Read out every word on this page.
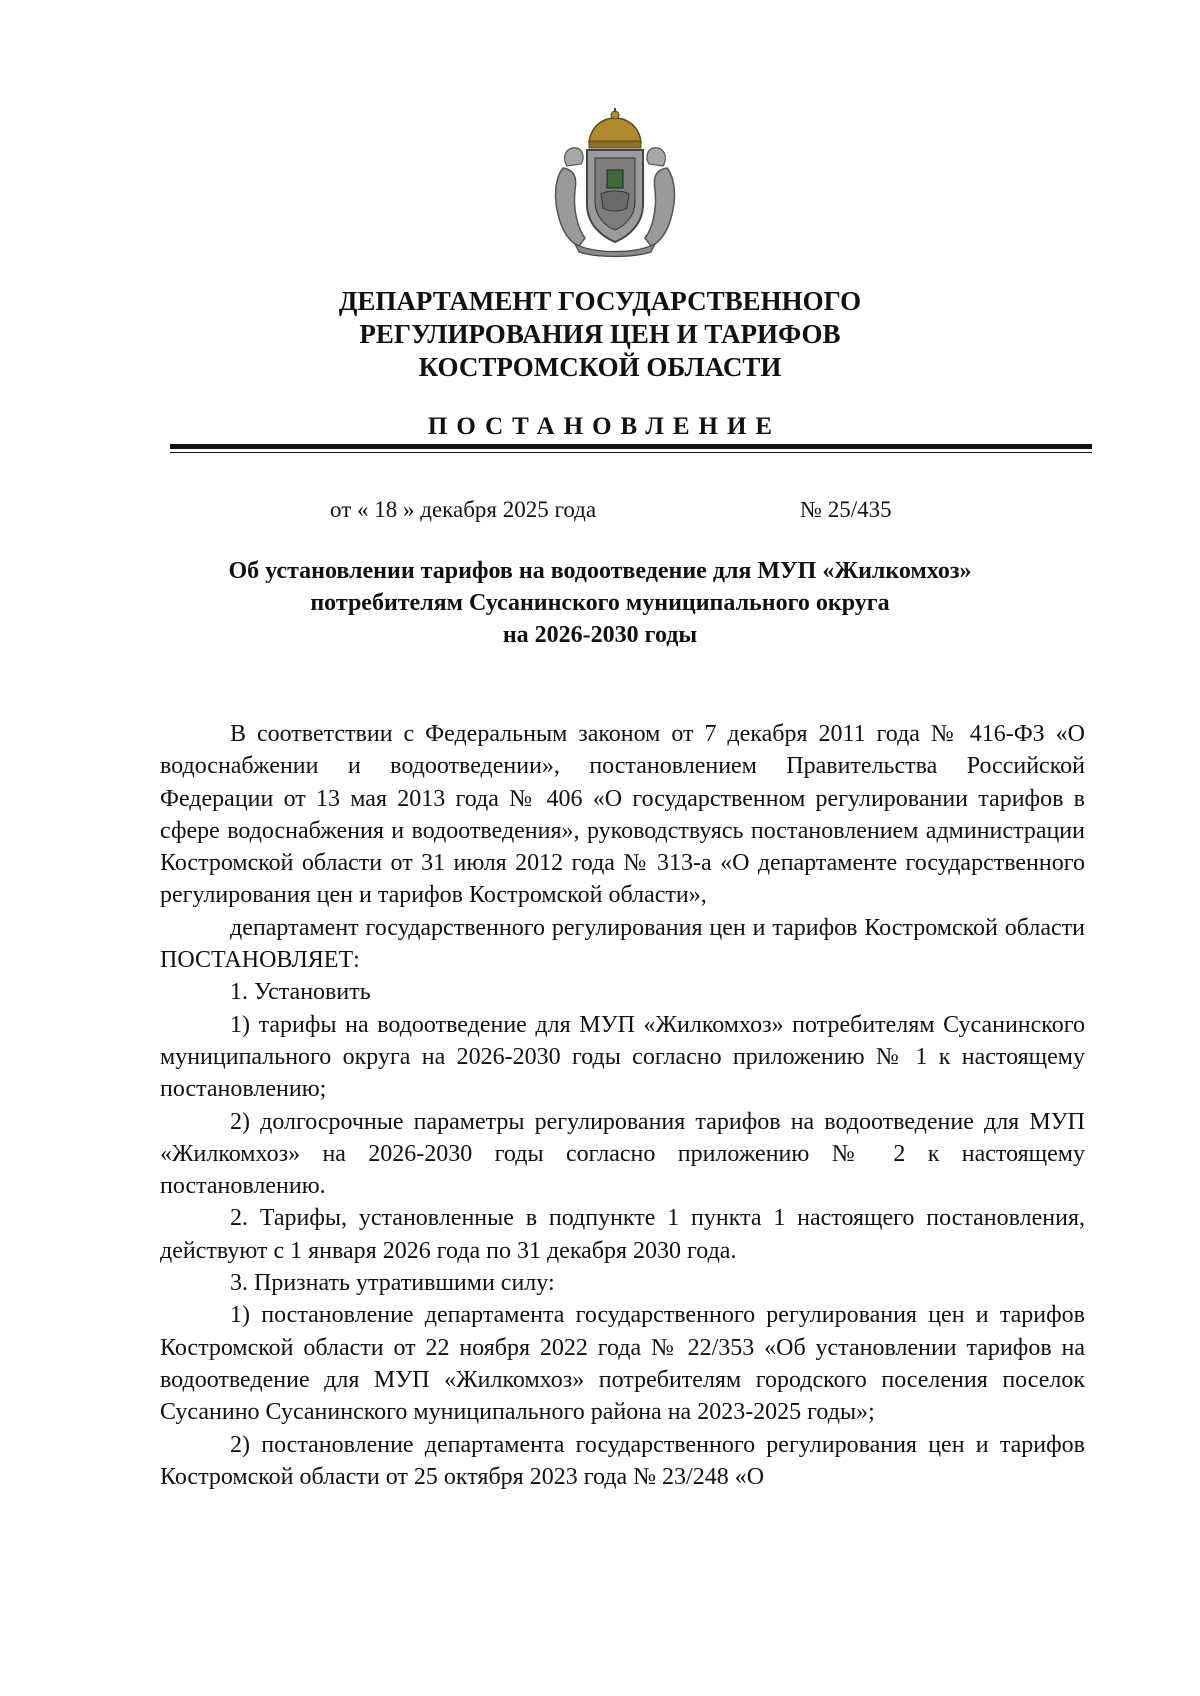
ДЕПАРТАМЕНТ ГОСУДАРСТВЕННОГО
РЕГУЛИРОВАНИЯ ЦЕН И ТАРИФОВ
КОСТРОМСКОЙ ОБЛАСТИ
ПОСТАНОВЛЕНИЕ
от « 18 » декабря 2025 года	№ 25/435
Об установлении тарифов на водоотведение для МУП «Жилкомхоз»
потребителям Сусанинского муниципального округа
на 2026-2030 годы

В соответствии с Федеральным законом от 7 декабря 2011 года № 416-ФЗ «О водоснабжении и водоотведении», постановлением Правительства Российской Федерации от 13 мая 2013 года № 406 «О государственном регулировании тарифов в сфере водоснабжения и водоотведения», руководствуясь постановлением администрации Костромской области от 31 июля 2012 года № 313-а «О департаменте государственного регулирования цен и тарифов Костромской области»,

департамент государственного регулирования цен и тарифов Костромской области ПОСТАНОВЛЯЕТ:

1. Установить

1) тарифы на водоотведение для МУП «Жилкомхоз» потребителям Сусанинского муниципального округа на 2026-2030 годы согласно приложению № 1 к настоящему постановлению;

2) долгосрочные параметры регулирования тарифов на водоотведение для МУП «Жилкомхоз» на 2026-2030 годы согласно приложению № 2 к настоящему постановлению.

2. Тарифы, установленные в подпункте 1 пункта 1 настоящего постановления, действуют с 1 января 2026 года по 31 декабря 2030 года.

3. Признать утратившими силу:

1) постановление департамента государственного регулирования цен и тарифов Костромской области от 22 ноября 2022 года № 22/353 «Об установлении тарифов на водоотведение для МУП «Жилкомхоз» потребителям городского поселения поселок Сусанино Сусанинского муниципального района на 2023-2025 годы»;

2) постановление департамента государственного регулирования цен и тарифов Костромской области от 25 октября 2023 года № 23/248 «О
